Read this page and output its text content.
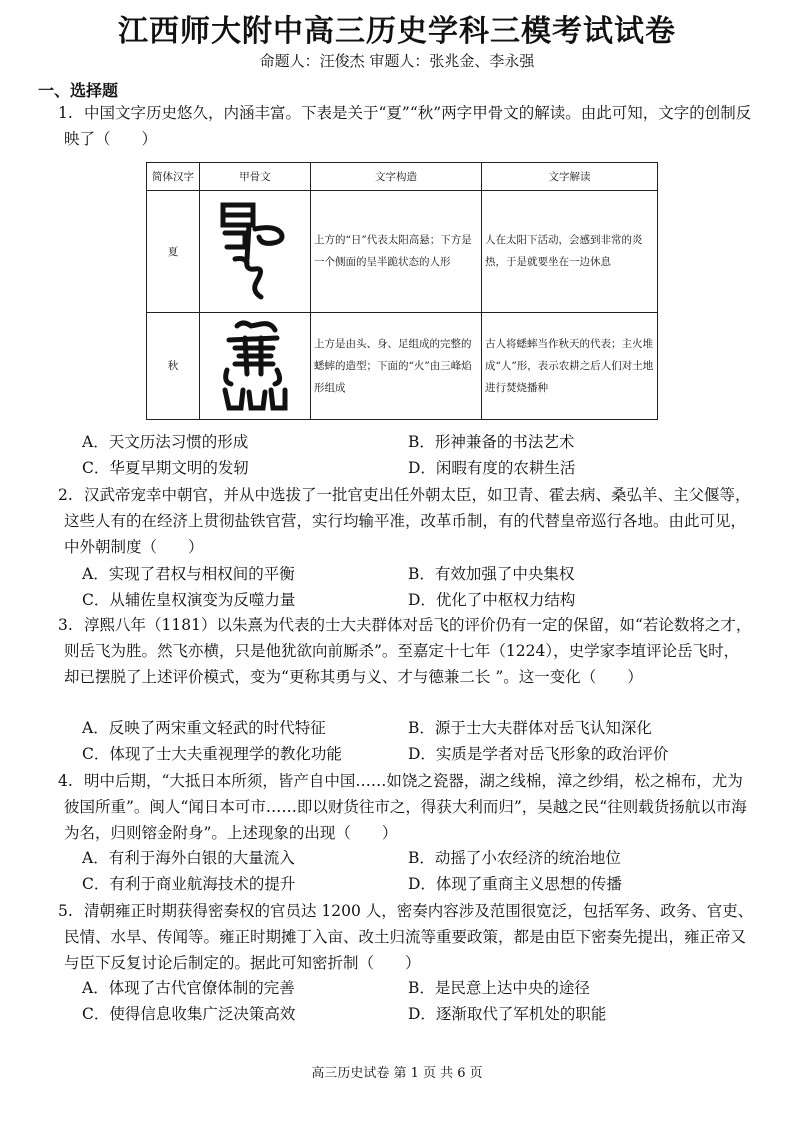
江西师大附中高三历史学科三模考试试卷
命题人：汪俊杰 审题人：张兆金、李永强
一、选择题
1. 中国文字历史悠久，内涵丰富。下表是关于“夏”“秋”两字甲骨文的解读。由此可知，文字的创制反映了（　　）

简体汉字	甲骨文	文字构造	文字解读
夏		上方的“日”代表太阳高悬；下方是一个侧面的呈半跪状态的人形	人在太阳下活动，会感到非常的炎热，于是就要坐在一边休息
秋		上方是由头、身、足组成的完整的蟋蟀的造型；下面的“火”由三峰焰形组成	古人将蟋蟀当作秋天的代表；主火堆成“人”形，表示农耕之后人们对土地进行焚烧播种
A．天文历法习惯的形成	B．形神兼备的书法艺术
C．华夏早期文明的发轫	D．闲暇有度的农耕生活
2. 汉武帝宠幸中朝官，并从中选拔了一批官吏出任外朝太臣，如卫青、霍去病、桑弘羊、主父偃等，这些人有的在经济上贯彻盐铁官营，实行均输平准，改革币制，有的代替皇帝巡行各地。由此可见，中外朝制度（　　）

A．实现了君权与相权间的平衡	B．有效加强了中央集权
C．从辅佐皇权演变为反噬力量	D．优化了中枢权力结构
3. 淳熙八年（1181）以朱熹为代表的士大夫群体对岳飞的评价仍有一定的保留，如“若论数将之才，则岳飞为胜。然飞亦横，只是他犹欲向前厮杀”。至嘉定十七年（1224），史学家李埴评论岳飞时，却已摆脱了上述评价模式，变为“更称其勇与义、才与德兼二长 ”。这一变化（　　）

A．反映了两宋重文轻武的时代特征	B．源于士大夫群体对岳飞认知深化
C．体现了士大夫重视理学的教化功能	D．实质是学者对岳飞形象的政治评价
4. 明中后期，“大抵日本所须，皆产自中国……如饶之瓷器，湖之线棉，漳之纱绢，松之棉布，尤为彼国所重”。闽人“闻日本可市……即以财货往市之，得获大利而归”，吴越之民“往则载货扬航以市海为名，归则镕金附身”。上述现象的出现（　　）

A．有利于海外白银的大量流入	B．动摇了小农经济的统治地位
C．有利于商业航海技术的提升	D．体现了重商主义思想的传播
5. 清朝雍正时期获得密奏权的官员达 1200 人，密奏内容涉及范围很宽泛，包括军务、政务、官吏、民情、水旱、传闻等。雍正时期摊丁入亩、改土归流等重要政策，都是由臣下密奏先提出，雍正帝又与臣下反复讨论后制定的。据此可知密折制（　　）

A．体现了古代官僚体制的完善	B．是民意上达中央的途径
C．使得信息收集广泛决策高效	D．逐渐取代了军机处的职能
高三历史试卷 第 1 页 共 6 页
